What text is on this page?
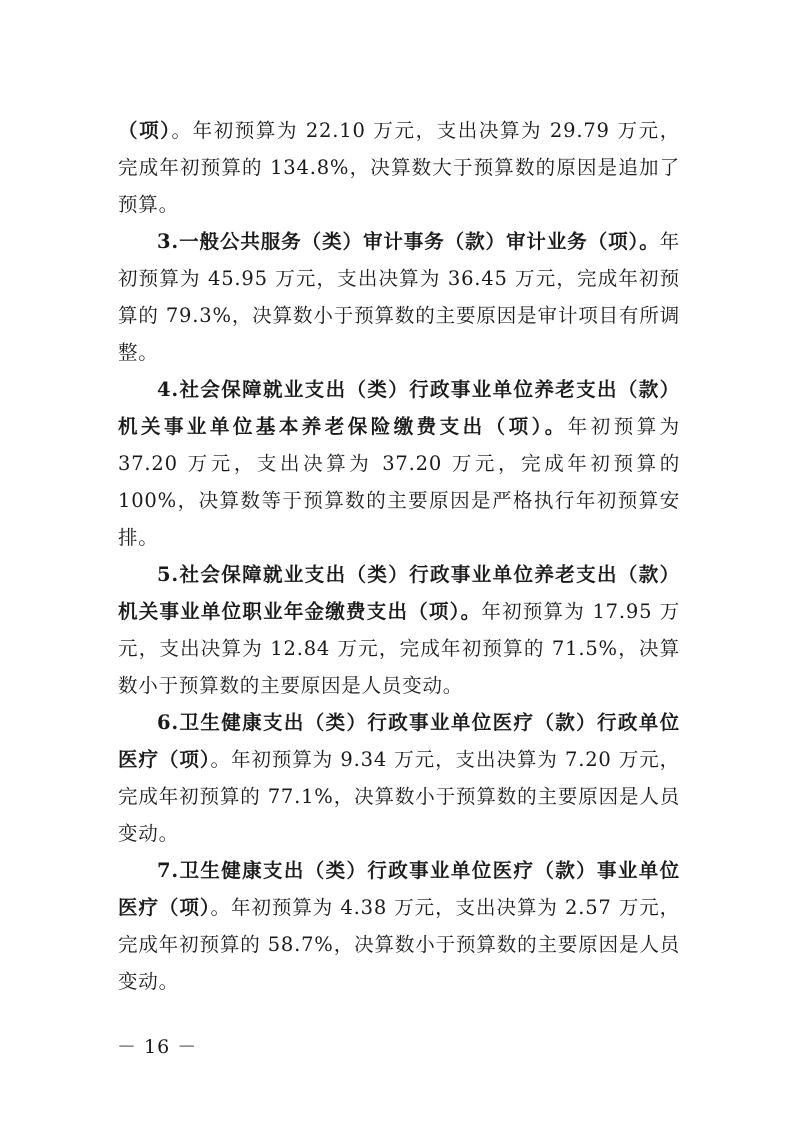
（项）。年初预算为 22.10 万元，支出决算为 29.79 万元，完成年初预算的 134.8%，决算数大于预算数的原因是追加了预算。

3.一般公共服务（类）审计事务（款）审计业务（项）。年初预算为 45.95 万元，支出决算为 36.45 万元，完成年初预算的 79.3%，决算数小于预算数的主要原因是审计项目有所调整。

4.社会保障就业支出（类）行政事业单位养老支出（款）机关事业单位基本养老保险缴费支出（项）。年初预算为 37.20 万元，支出决算为 37.20 万元，完成年初预算的 100%，决算数等于预算数的主要原因是严格执行年初预算安排。

5.社会保障就业支出（类）行政事业单位养老支出（款）机关事业单位职业年金缴费支出（项）。年初预算为 17.95 万元，支出决算为 12.84 万元，完成年初预算的 71.5%，决算数小于预算数的主要原因是人员变动。

6.卫生健康支出（类）行政事业单位医疗（款）行政单位医疗（项）。年初预算为 9.34 万元，支出决算为 7.20 万元，完成年初预算的 77.1%，决算数小于预算数的主要原因是人员变动。

7.卫生健康支出（类）行政事业单位医疗（款）事业单位医疗（项）。年初预算为 4.38 万元，支出决算为 2.57 万元，完成年初预算的 58.7%，决算数小于预算数的主要原因是人员变动。

－ 16 －
